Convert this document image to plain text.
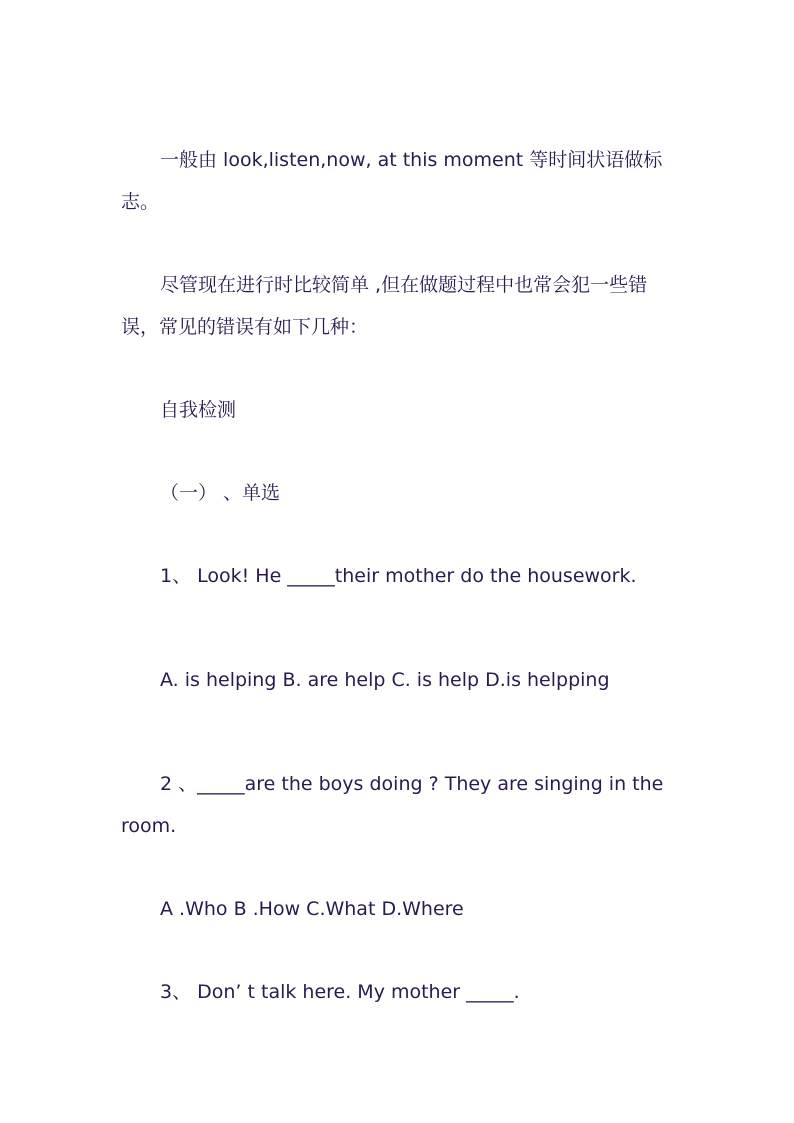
一般由 look,listen,now, at this moment 等时间状语做标
志。
尽管现在进行时比较简单 ,但在做题过程中也常会犯一些错
误，常见的错误有如下几种：
自我检测
（一） 、单选
1、 Look! He _____their mother do the housework.
A. is helping B. are help C. is help D.is helpping
2 、_____are the boys doing ? They are singing in the
room.
A .Who B .How C.What D.Where
3、 Don’ t talk here. My mother _____.
